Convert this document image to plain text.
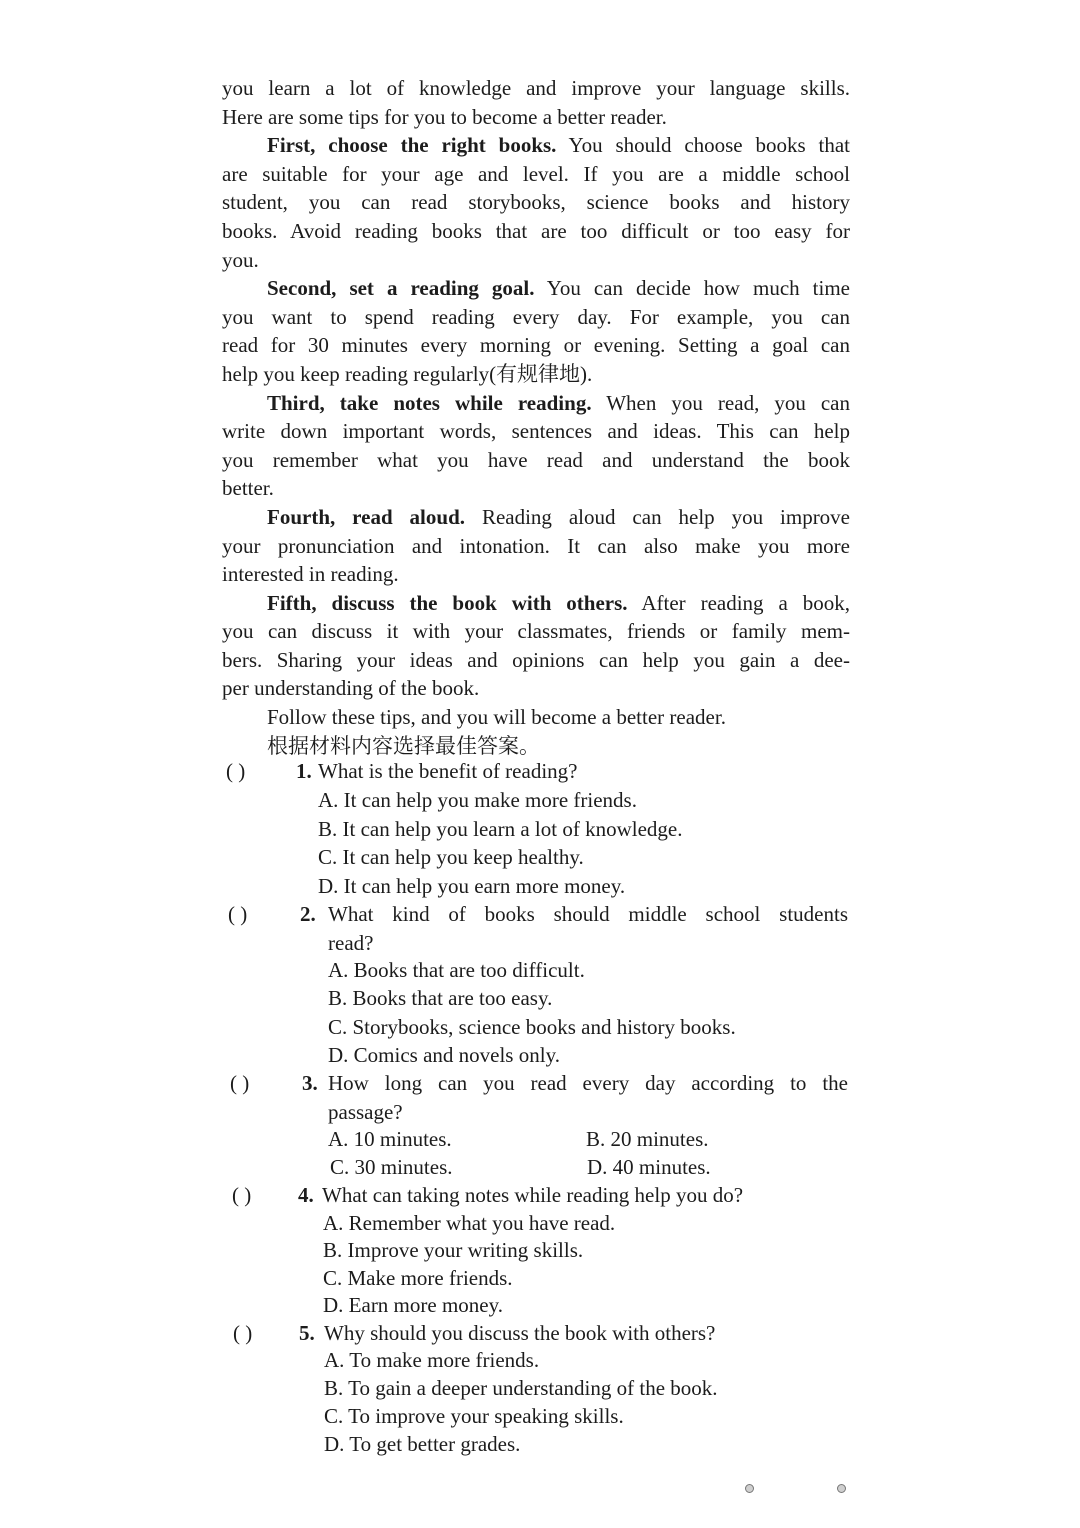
you learn a lot of knowledge and improve your language skills.
Here are some tips for you to become a better reader.
First, choose the right books. You should choose books that
are suitable for your age and level. If you are a middle school
student, you can read storybooks, science books and history
books. Avoid reading books that are too difficult or too easy for
you.
Second, set a reading goal. You can decide how much time
you want to spend reading every day. For example, you can
read for 30 minutes every morning or evening. Setting a goal can
help you keep reading regularly(有规律地).
Third, take notes while reading. When you read, you can
write down important words, sentences and ideas. This can help
you remember what you have read and understand the book
better.
Fourth, read aloud. Reading aloud can help you improve
your pronunciation and intonation. It can also make you more
interested in reading.
Fifth, discuss the book with others. After reading a book,
you can discuss it with your classmates, friends or family mem-
bers. Sharing your ideas and opinions can help you gain a dee-
per understanding of the book.
Follow these tips, and you will become a better reader.
根据材料内容选择最佳答案。
( ) 1. What is the benefit of reading?
A. It can help you make more friends.
B. It can help you learn a lot of knowledge.
C. It can help you keep healthy.
D. It can help you earn more money.
( )	2. What kind of books should middle school students
read?
A. Books that are too difficult.
B. Books that are too easy.
C. Storybooks, science books and history books.
D. Comics and novels only.
( )	3. How long can you read every day according to the
passage?
A. 10 minutes.	B. 20 minutes.
C. 30 minutes.	D. 40 minutes.
( ) 4. What can taking notes while reading help you do?
A. Remember what you have read.
B. Improve your writing skills.
C. Make more friends.
D. Earn more money.
( ) 5. Why should you discuss the book with others?
A. To make more friends.
B. To gain a deeper understanding of the book.
C. To improve your speaking skills.
D. To get better grades.
